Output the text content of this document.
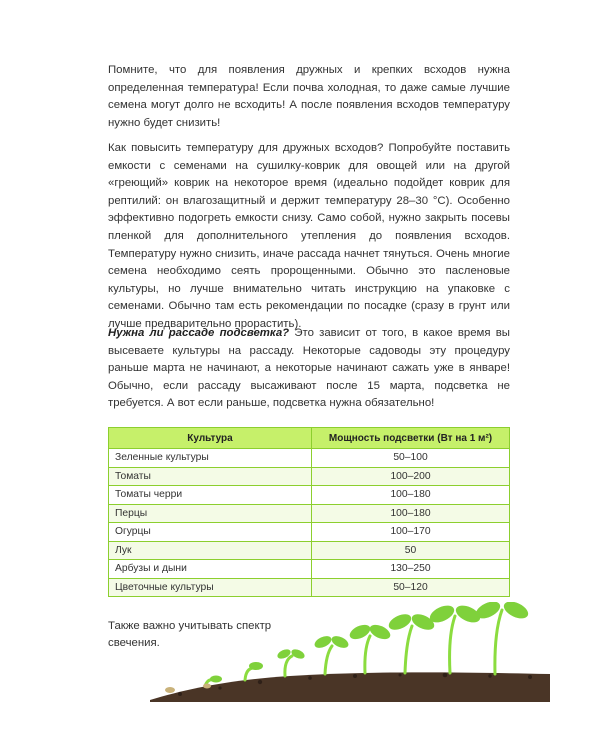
Помните, что для появления дружных и крепких всходов нужна определенная температура! Если почва холодная, то даже самые лучшие семена могут долго не всходить! А после появления всходов температуру нужно будет снизить!

Как повысить температуру для дружных всходов? Попробуйте поставить емкости с семенами на сушилку-коврик для овощей или на другой «греющий» коврик на некоторое время (идеально подойдет коврик для рептилий: он влагозащитный и держит температуру 28–30 °C). Особенно эффективно подогреть емкости снизу. Само собой, нужно закрыть посевы пленкой для дополнительного утепления до появления всходов. Температуру нужно снизить, иначе рассада начнет тянуться. Очень многие семена необходимо сеять пророщенными. Обычно это пасленовые культуры, но лучше внимательно читать инструкцию на упаковке с семенами. Обычно там есть рекомендации по посадке (сразу в грунт или лучше предварительно прорастить).

Нужна ли рассаде подсветка? Это зависит от того, в какое время вы высеваете культуры на рассаду. Некоторые садоводы эту процедуру раньше марта не начинают, а некоторые начинают сажать уже в январе! Обычно, если рассаду высаживают после 15 марта, подсветка не требуется. А вот если раньше, подсветка нужна обязательно!

Культура	Мощность подсветки (Вт на 1 м²)
Зеленные культуры	50–100
Томаты	100–200
Томаты черри	100–180
Перцы	100–180
Огурцы	100–170
Лук	50
Арбузы и дыни	130–250
Цветочные культуры	50–120

Также важно учитывать спектр свечения.
